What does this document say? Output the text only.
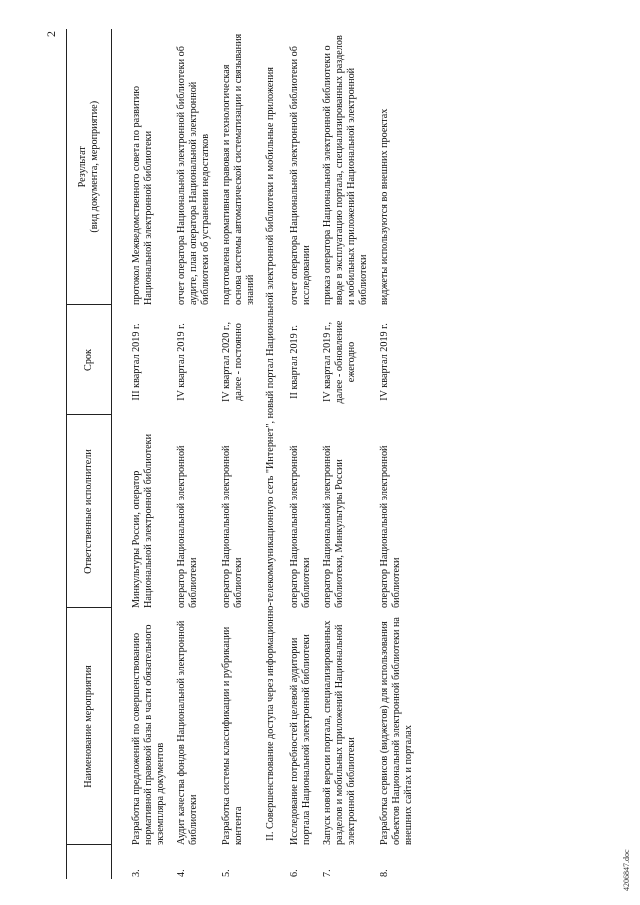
2
	Наименование мероприятия	Ответственные исполнители	Срок	Результат (вид документа, мероприятие)

3.	Разработка предложений по совершенствованию нормативной правовой базы в части обязательного экземпляра документов	Минкультуры России, оператор Национальной электронной библиотеки	III квартал 2019 г.	протокол Межведомственного совета по развитию Национальной электронной библиотеки
4.	Аудит качества фондов Национальной электронной библиотеки	оператор Национальной электронной библиотеки	IV квартал 2019 г.	отчет оператора Национальной электронной библиотеки об аудите, план оператора Национальной электронной библиотеки об устранении недостатков
5.	Разработка системы классификации и рубрикации контента	оператор Национальной электронной библиотеки	IV квартал 2020 г., далее - постоянно	подготовлена нормативная правовая и технологическая основа системы автоматической систематизации и связывания знаний
II. Совершенствование доступа через информационно-телекоммуникационную сеть "Интернет", новый портал Национальной электронной библиотеки и мобильные приложения				
6.	Исследование потребностей целевой аудитории портала Национальной электронной библиотеки	оператор Национальной электронной библиотеки	II квартал 2019 г.	отчет оператора Национальной электронной библиотеки об исследовании
7.	Запуск новой версии портала, специализированных разделов и мобильных приложений Национальной электронной библиотеки	оператор Национальной электронной библиотеки, Минкультуры России	IV квартал 2019 г., далее - обновление ежегодно	приказ оператора Национальной электронной библиотеки о вводе в эксплуатацию портала, специализированных разделов и мобильных приложений Национальной электронной библиотеки
8.	Разработка сервисов (виджетов) для использования объектов Национальной электронной библиотеки на внешних сайтах и порталах	оператор Национальной электронной библиотеки	IV квартал 2019 г.	виджеты используются во внешних проектах
4206847.doc
